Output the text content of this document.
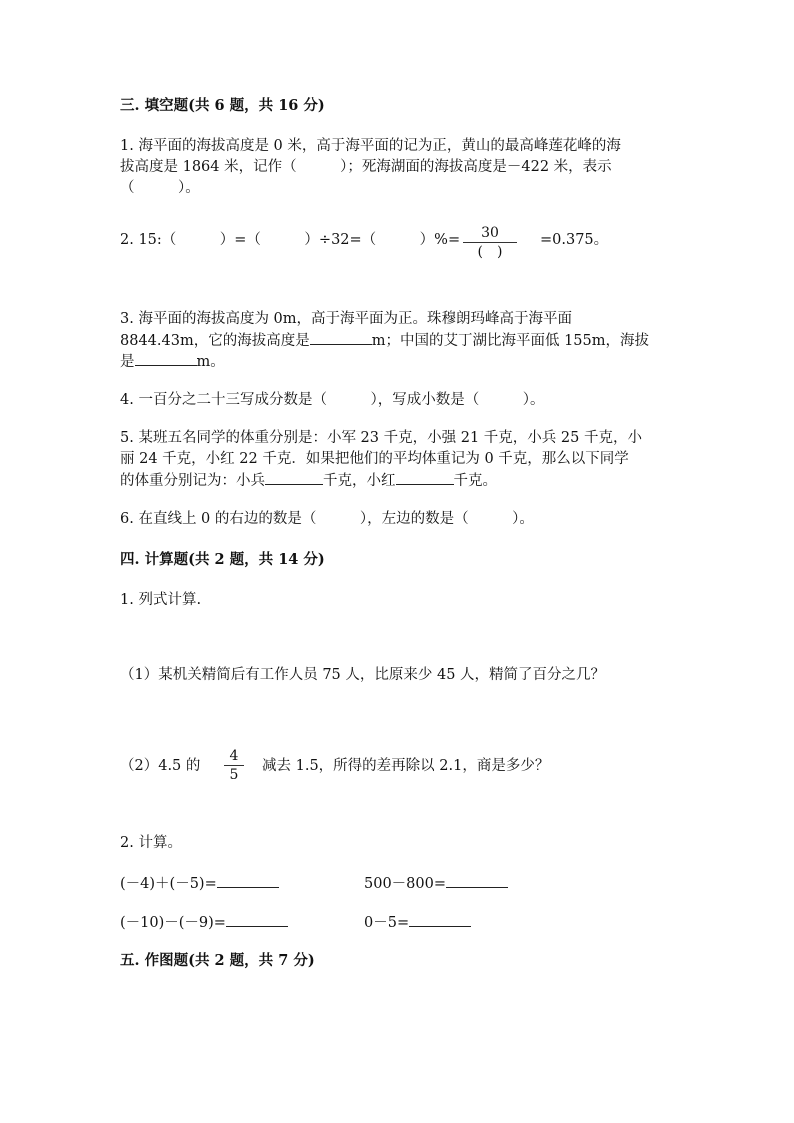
三. 填空题(共 6 题，共 16 分)
1. 海平面的海拔高度是 0 米，高于海平面的记为正，黄山的最高峰莲花峰的海
拔高度是 1864 米，记作（　　　）；死海湖面的海拔高度是－422 米，表示
（　　　）。
2. 15:（　　　）=（　　　）÷32=（　　　）%=	30
(　)
=0.375。
3. 海平面的海拔高度为 0m，高于海平面为正。珠穆朗玛峰高于海平面
8844.43m，它的海拔高度是	m；中国的艾丁湖比海平面低 155m，海拔
是	m。
4. 一百分之二十三写成分数是（　　　），写成小数是（　　　）。
5. 某班五名同学的体重分别是：小军 23 千克，小强 21 千克，小兵 25 千克，小
丽 24 千克，小红 22 千克．如果把他们的平均体重记为 0 千克，那么以下同学
的体重分别记为：小兵	千克，小红	千克。
6. 在直线上 0 的右边的数是（　　　），左边的数是（　　　）。
四. 计算题(共 2 题，共 14 分)
1. 列式计算.
（1）某机关精简后有工作人员 75 人，比原来少 45 人，精简了百分之几？
（2）4.5 的 $\frac{4}{5}$ 减去 1.5，所得的差再除以 2.1，商是多少？
2. 计算。
(－4)＋(－5)=	500－800=
(－10)－(－9)=	0－5=
五. 作图题(共 2 题，共 7 分)
